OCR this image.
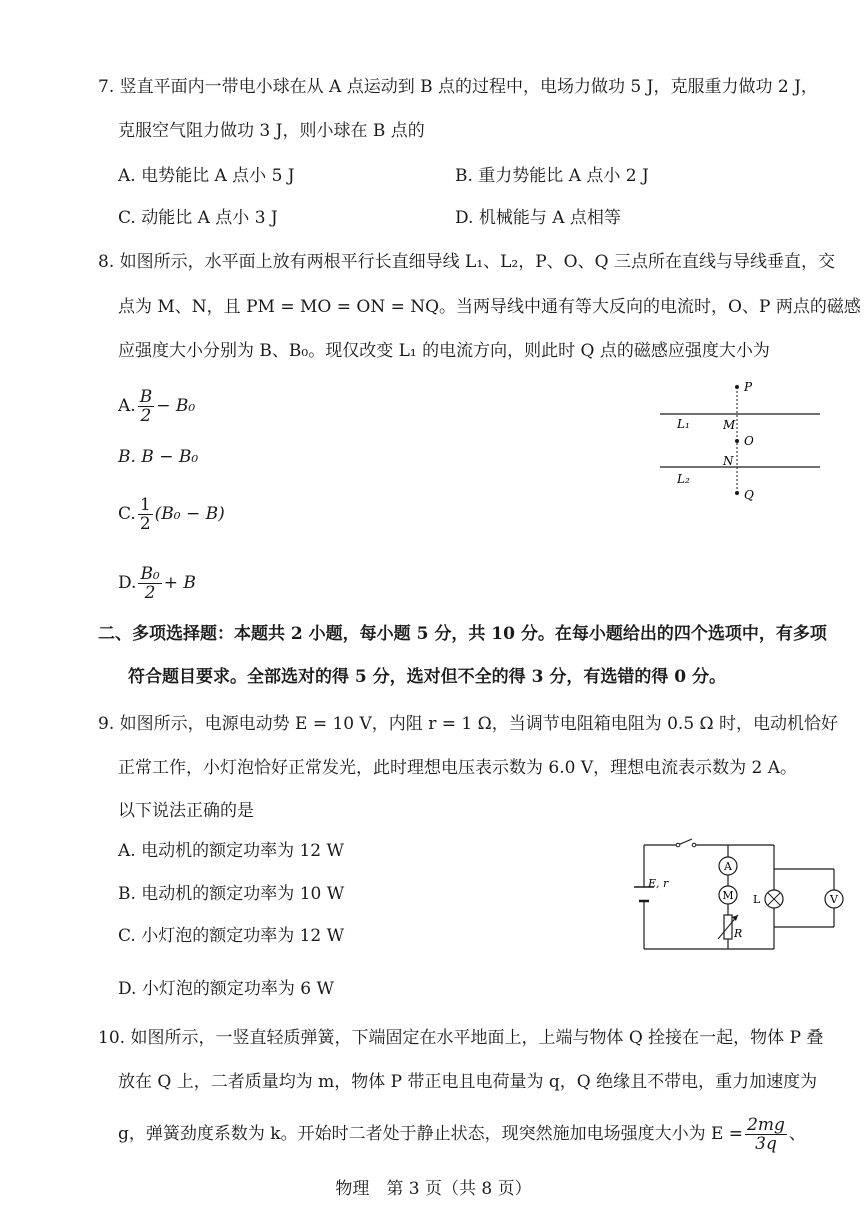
7. 竖直平面内一带电小球在从 A 点运动到 B 点的过程中，电场力做功 5 J，克服重力做功 2 J，
克服空气阻力做功 3 J，则小球在 B 点的
A. 电势能比 A 点小 5 J	B. 重力势能比 A 点小 2 J
C. 动能比 A 点小 3 J	D. 机械能与 A 点相等
8. 如图所示，水平面上放有两根平行长直细导线 L₁、L₂，P、O、Q 三点所在直线与导线垂直，交
点为 M、N，且 PM = MO = ON = NQ。当两导线中通有等大反向的电流时，O、P 两点的磁感
应强度大小分别为 B、B₀。现仅改变 L₁ 的电流方向，则此时 Q 点的磁感应强度大小为
A. $\frac{B}{2} - B_0$
B. B − B₀
C. $\frac{1}{2} (B_0 - B)$
D. $\frac{\text{B₀}}{2} + B$
P
M
O
N
Q
L₁
L₂
二、多项选择题：本题共 2 小题，每小题 5 分，共 10 分。在每小题给出的四个选项中，有多项
符合题目要求。全部选对的得 5 分，选对但不全的得 3 分，有选错的得 0 分。
9. 如图所示，电源电动势 E = 10 V，内阻 r = 1 Ω，当调节电阻箱电阻为 0.5 Ω 时，电动机恰好
正常工作，小灯泡恰好正常发光，此时理想电压表示数为 6.0 V，理想电流表示数为 2 A。
以下说法正确的是
A. 电动机的额定功率为 12 W
B. 电动机的额定功率为 10 W
C. 小灯泡的额定功率为 12 W
D. 小灯泡的额定功率为 6 W
E, r
A
M
R
L	V
10. 如图所示，一竖直轻质弹簧，下端固定在水平地面上，上端与物体 Q 拴接在一起，物体 P 叠
放在 Q 上，二者质量均为 m，物体 P 带正电且电荷量为 q，Q 绝缘且不带电，重力加速度为
g，弹簧劲度系数为 k。开始时二者处于静止状态，现突然施加电场强度大小为 $E = \frac{2mg}{3q}$ 、
物理　第 3 页（共 8 页）
